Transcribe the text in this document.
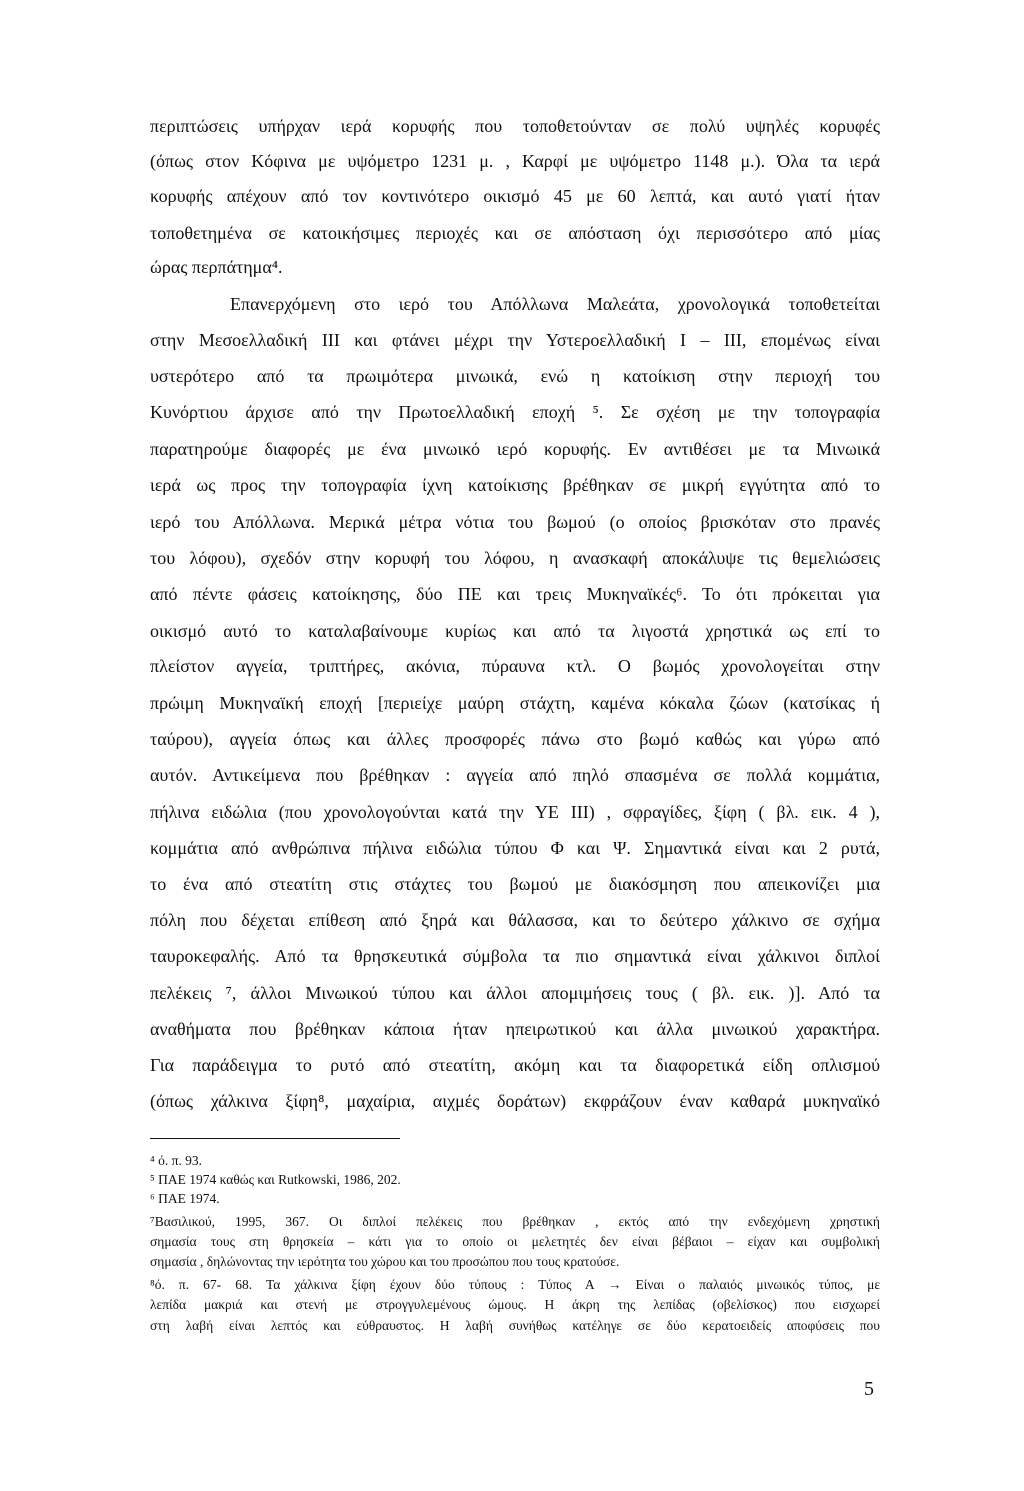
περιπτώσεις υπήρχαν ιερά κορυφής που τοποθετούνταν σε πολύ υψηλές κορυφές
(όπως στον Κόφινα με υψόμετρο 1231 μ. , Καρφί με υψόμετρο 1148 μ.). Όλα τα ιερά
κορυφής απέχουν από τον κοντινότερο οικισμό 45 με 60 λεπτά, και αυτό γιατί ήταν
τοποθετημένα σε κατοικήσιμες περιοχές και σε απόσταση όχι περισσότερο από μίας
ώρας περπάτημα⁴.
Επανερχόμενη στο ιερό του Απόλλωνα Μαλεάτα, χρονολογικά τοποθετείται
στην Μεσοελλαδική ΙΙΙ και φτάνει μέχρι την Υστεροελλαδική Ι – ΙΙΙ, επομένως είναι
υστερότερο από τα πρωιμότερα μινωικά, ενώ η κατοίκιση στην περιοχή του
Κυνόρτιου άρχισε από την Πρωτοελλαδική εποχή ⁵. Σε σχέση με την τοπογραφία
παρατηρούμε διαφορές με ένα μινωικό ιερό κορυφής. Εν αντιθέσει με τα Μινωικά
ιερά ως προς την τοπογραφία ίχνη κατοίκισης βρέθηκαν σε μικρή εγγύτητα από το
ιερό του Απόλλωνα. Μερικά μέτρα νότια του βωμού (ο οποίος βρισκόταν στο πρανές
του λόφου), σχεδόν στην κορυφή του λόφου, η ανασκαφή αποκάλυψε τις θεμελιώσεις
από πέντε φάσεις κατοίκησης, δύο ΠΕ και τρεις Μυκηναϊκές⁶. Το ότι πρόκειται για
οικισμό αυτό το καταλαβαίνουμε κυρίως και από τα λιγοστά χρηστικά ως επί το
πλείστον αγγεία, τριπτήρες, ακόνια, πύραυνα κτλ. Ο βωμός χρονολογείται στην
πρώιμη Μυκηναϊκή εποχή [περιείχε μαύρη στάχτη, καμένα κόκαλα ζώων (κατσίκας ή
ταύρου), αγγεία όπως και άλλες προσφορές πάνω στο βωμό καθώς και γύρω από
αυτόν. Αντικείμενα που βρέθηκαν : αγγεία από πηλό σπασμένα σε πολλά κομμάτια,
πήλινα ειδώλια (που χρονολογούνται κατά την ΥΕ ΙΙΙ) , σφραγίδες, ξίφη ( βλ. εικ. 4 ),
κομμάτια από ανθρώπινα πήλινα ειδώλια τύπου Φ και Ψ. Σημαντικά είναι και 2 ρυτά,
το ένα από στεατίτη στις στάχτες του βωμού με διακόσμηση που απεικονίζει μια
πόλη που δέχεται επίθεση από ξηρά και θάλασσα, και το δεύτερο χάλκινο σε σχήμα
ταυροκεφαλής. Από τα θρησκευτικά σύμβολα τα πιο σημαντικά είναι χάλκινοι διπλοί
πελέκεις ⁷, άλλοι Μινωικού τύπου και άλλοι απομιμήσεις τους ( βλ. εικ. )]. Από τα
αναθήματα που βρέθηκαν κάποια ήταν ηπειρωτικού και άλλα μινωικού χαρακτήρα.
Για παράδειγμα το ρυτό από στεατίτη, ακόμη και τα διαφορετικά είδη οπλισμού
(όπως χάλκινα ξίφη⁸, μαχαίρια, αιχμές δοράτων) εκφράζουν έναν καθαρά μυκηναϊκό
⁴ ό. π. 93.
⁵ ΠΑΕ 1974 καθώς και Rutkowski, 1986, 202.
⁶ ΠΑΕ 1974.
⁷Βασιλικού, 1995, 367. Οι διπλοί πελέκεις που βρέθηκαν , εκτός από την ενδεχόμενη χρηστική
σημασία τους στη θρησκεία – κάτι για το οποίο οι μελετητές δεν είναι βέβαιοι – είχαν και συμβολική
σημασία , δηλώνοντας την ιερότητα του χώρου και του προσώπου που τους κρατούσε.
⁸ό. π. 67- 68. Τα χάλκινα ξίφη έχουν δύο τύπους : Τύπος Α → Είναι ο παλαιός μινωικός τύπος, με
λεπίδα μακριά και στενή με στρογγυλεμένους ώμους. Η άκρη της λεπίδας (οβελίσκος) που εισχωρεί
στη λαβή είναι λεπτός και εύθραυστος. Η λαβή συνήθως κατέληγε σε δύο κερατοειδείς αποφύσεις που
5
